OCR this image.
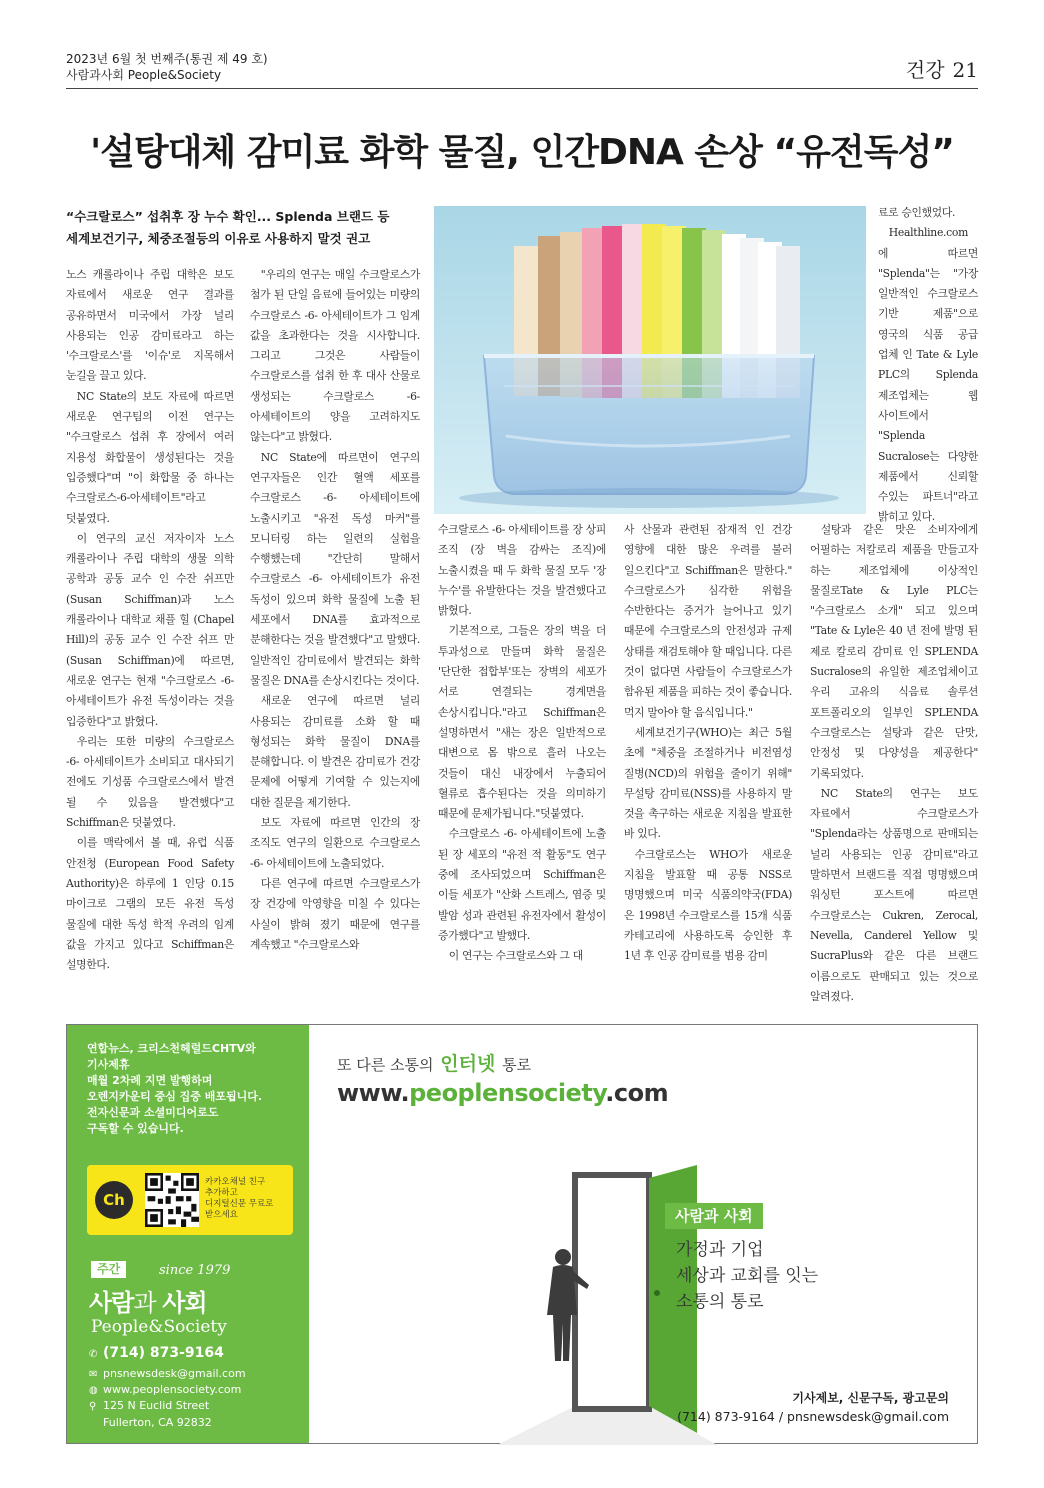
2023년 6월 첫 번째주(통권 제 49 호)
사람과사회 People&Society	건강 21
'설탕대체 감미료 화학 물질, 인간DNA 손상 “유전독성”
“수크랄로스” 섭취후 장 누수 확인... Splenda 브랜드 등
세계보건기구, 체중조절등의 이유로 사용하지 말것 권고

노스 캐롤라이나 주립 대학은 보도 자료에서 새로운 연구 결과를 공유하면서 미국에서 가장 널리 사용되는 인공 감미료라고 하는 '수크랄로스'를 '이슈'로 지목해서 눈길을 끌고 있다.

NC State의 보도 자료에 따르면 새로운 연구팀의 이전 연구는 "수크랄로스 섭취 후 장에서 여러 지용성 화합물이 생성된다는 것을 입증했다"며 "이 화합물 중 하나는 수크랄로스-6-아세테이트"라고 덧붙였다.

이 연구의 교신 저자이자 노스 캐롤라이나 주립 대학의 생물 의학 공학과 공동 교수 인 수잔 쉬프만 (Susan Schiffman)과 노스 캐롤라이나 대학교 채플 힐 (Chapel Hill)의 공동 교수 인 수잔 쉬프 만 (Susan Schiffman)에 따르면, 새로운 연구는 현재 "수크랄로스 -6- 아세테이트가 유전 독성이라는 것을 입증한다"고 밝혔다.

우리는 또한 미량의 수크랄로스 -6- 아세테이트가 소비되고 대사되기 전에도 기성품 수크랄로스에서 발견 될 수 있음을 발견했다"고 Schiffman은 덧붙였다.

이를 맥락에서 볼 때, 유럽 식품 안전청 (European Food Safety Authority)은 하루에 1 인당 0.15 마이크로 그램의 모든 유전 독성 물질에 대한 독성 학적 우려의 임계 값을 가지고 있다고 Schiffman은 설명한다.

"우리의 연구는 매일 수크랄로스가 첨가 된 단일 음료에 들어있는 미량의 수크랄로스 -6- 아세테이트가 그 임계 값을 초과한다는 것을 시사합니다. 그리고 그것은 사람들이 수크랄로스를 섭취 한 후 대사 산물로 생성되는 수크랄로스 -6- 아세테이트의 양을 고려하지도 않는다"고 밝혔다.

NC State에 따르면이 연구의 연구자들은 인간 혈액 세포를 수크랄로스 -6- 아세테이트에 노출시키고 "유전 독성 마커"를 모니터링 하는 일련의 실험을 수행했는데 "간단히 말해서 수크랄로스 -6- 아세테이트가 유전 독성이 있으며 화학 물질에 노출 된 세포에서 DNA를 효과적으로 분해한다는 것을 발견했다"고 말했다. 일반적인 감미료에서 발견되는 화학 물질은 DNA를 손상시킨다는 것이다.

새로운 연구에 따르면 널리 사용되는 감미료를 소화 할 때 형성되는 화학 물질이 DNA를 분해합니다. 이 발견은 감미료가 건강 문제에 어떻게 기여할 수 있는지에 대한 질문을 제기한다.

보도 자료에 따르면 인간의 장 조직도 연구의 일환으로 수크랄로스 -6- 아세테이트에 노출되었다.

다른 연구에 따르면 수크랄로스가 장 건강에 악영향을 미칠 수 있다는 사실이 밝혀 졌기 때문에 연구를 계속했고 "수크랄로스와

수크랄로스 -6- 아세테이트를 장 상피 조직 (장 벽을 감싸는 조직)에 노출시켰을 때 두 화학 물질 모두 '장 누수'를 유발한다는 것을 발견했다고 밝혔다.

기본적으로, 그들은 장의 벽을 더 투과성으로 만들며 화학 물질은 '단단한 접합부'또는 장벽의 세포가 서로 연결되는 경계면을 손상시킵니다."라고 Schiffman은 설명하면서 "새는 장은 일반적으로 대변으로 몸 밖으로 흘러 나오는 것들이 대신 내장에서 누출되어 혈류로 흡수된다는 것을 의미하기 때문에 문제가됩니다."덧붙였다.

수크랄로스 -6- 아세테이트에 노출 된 장 세포의 "유전 적 활동"도 연구 중에 조사되었으며 Schiffman은 이들 세포가 "산화 스트레스, 염증 및 발암 성과 관련된 유전자에서 활성이 증가했다"고 발했다.

이 연구는 수크랄로스와 그 대

사 산물과 관련된 잠재적 인 건강 영향에 대한 많은 우려를 불러 일으킨다"고 Schiffman은 말한다." 수크랄로스가 심각한 위험을 수반한다는 증거가 늘어나고 있기 때문에 수크랄로스의 안전성과 규제 상태를 재검토해야 할 때입니다. 다른 것이 없다면 사람들이 수크랄로스가 함유된 제품을 피하는 것이 좋습니다. 먹지 말아야 할 음식입니다."

세계보건기구(WHO)는 최근 5월 초에 "체중을 조절하거나 비전염성 질병(NCD)의 위험을 줄이기 위해" 무설탕 감미료(NSS)를 사용하지 말 것을 촉구하는 새로운 지침을 발표한 바 있다.

수크랄로스는 WHO가 새로운 지침을 발표할 때 공통 NSS로 명명했으며 미국 식품의약국(FDA)은 1998년 수크랄로스를 15개 식품 카테고리에 사용하도록 승인한 후 1년 후 인공 감미료를 범용 감미

료로 승인했었다.

Healthline.com에 따르면 "Splenda"는 "가장 일반적인 수크랄로스 기반 제품"으로 영국의 식품 공급 업체 인 Tate & Lyle PLC의 Splenda 제조업체는 웹 사이트에서 "Splenda Sucralose는 다양한 제품에서 신뢰할 수있는 파트너"라고 밝히고 있다.

설탕과 같은 맛은 소비자에게 어필하는 저칼로리 제품을 만들고자 하는 제조업체에 이상적인 물질로Tate & Lyle PLC는 "수크랄로스 소개" 되고 있으며 "Tate & Lyle은 40 년 전에 발명 된 제로 칼로리 감미료 인 SPLENDA Sucralose의 유일한 제조업체이고 우리 고유의 식음료 솔루션 포트폴리오의 일부인 SPLENDA 수크랄로스는 설탕과 같은 단맛, 안정성 및 다양성을 제공한다" 기록되었다.

NC State의 연구는 보도 자료에서 수크랄로스가 "Splenda라는 상품명으로 판매되는 널리 사용되는 인공 감미료"라고 말하면서 브랜드를 직접 명명했으며 워싱턴 포스트에 따르면 수크랄로스는 Cukren, Zerocal, Nevella, Canderel Yellow 및 SucraPlus와 같은 다른 브랜드 이름으로도 판매되고 있는 것으로 알려졌다.

연합뉴스, 크리스천헤럴드CHTV와
기사제휴
매월 2차례 지면 발행하며
오렌지카운티 중심 집중 배포됩니다.
전자신문과 소셜미디어로도
구독할 수 있습니다.
Ch
카카오채널 친구
추가하고
디지털신문 무료로
받으세요
주간	since 1979
사람과 사회
People&Society
✆ (714) 873-9164
✉ pnsnewsdesk@gmail.com
◍ www.peoplensociety.com
⚲ 125 N Euclid Street
Fullerton, CA 92832
또 다른 소통의 인터넷 통로
www.peoplensociety.com
사람과 사회
가정과 기업
세상과 교회를 잇는
소통의 통로
기사제보, 신문구독, 광고문의
(714) 873-9164 / pnsnewsdesk@gmail.com
